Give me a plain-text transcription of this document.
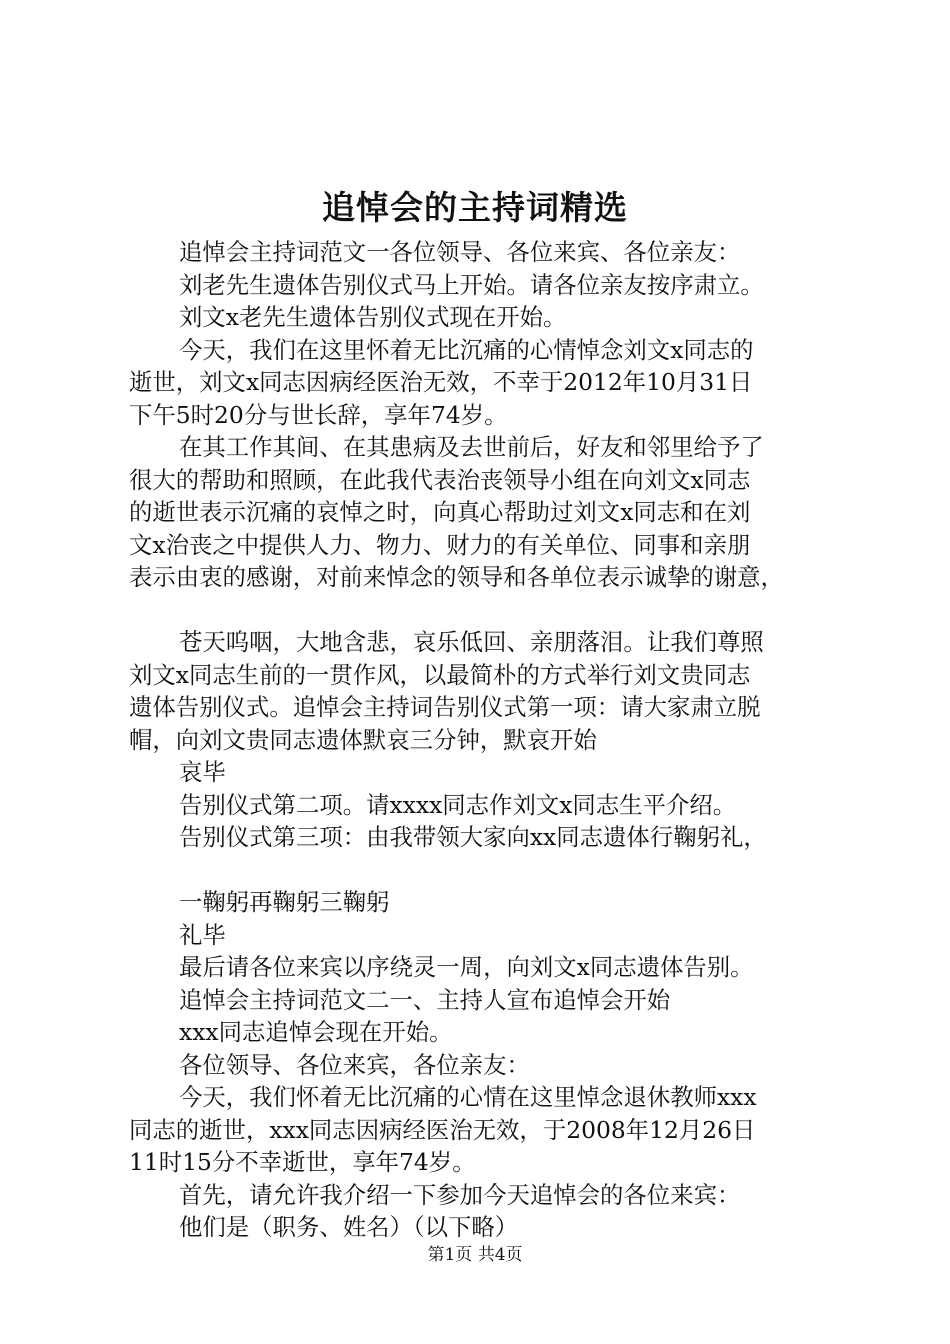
追悼会的主持词精选
追悼会主持词范文一各位领导、各位来宾、各位亲友：
刘老先生遗体告别仪式马上开始。请各位亲友按序肃立。
刘文x老先生遗体告别仪式现在开始。
今天，我们在这里怀着无比沉痛的心情悼念刘文x同志的
逝世，刘文x同志因病经医治无效，不幸于2012年10月31日
下午5时20分与世长辞，享年74岁。
在其工作其间、在其患病及去世前后，好友和邻里给予了
很大的帮助和照顾，在此我代表治丧领导小组在向刘文x同志
的逝世表示沉痛的哀悼之时，向真心帮助过刘文x同志和在刘
文x治丧之中提供人力、物力、财力的有关单位、同事和亲朋
表示由衷的感谢，对前来悼念的领导和各单位表示诚挚的谢意，
苍天呜咽，大地含悲，哀乐低回、亲朋落泪。让我们尊照
刘文x同志生前的一贯作风，以最简朴的方式举行刘文贵同志
遗体告别仪式。追悼会主持词告别仪式第一项：请大家肃立脱
帽，向刘文贵同志遗体默哀三分钟，默哀开始
哀毕
告别仪式第二项。请xxxx同志作刘文x同志生平介绍。
告别仪式第三项：由我带领大家向xx同志遗体行鞠躬礼，
一鞠躬再鞠躬三鞠躬
礼毕
最后请各位来宾以序绕灵一周，向刘文x同志遗体告别。
追悼会主持词范文二一、主持人宣布追悼会开始
xxx同志追悼会现在开始。
各位领导、各位来宾，各位亲友：
今天，我们怀着无比沉痛的心情在这里悼念退休教师xxx
同志的逝世，xxx同志因病经医治无效，于2008年12月26日
11时15分不幸逝世，享年74岁。
首先，请允许我介绍一下参加今天追悼会的各位来宾：
他们是（职务、姓名）（以下略）
第1页 共4页
